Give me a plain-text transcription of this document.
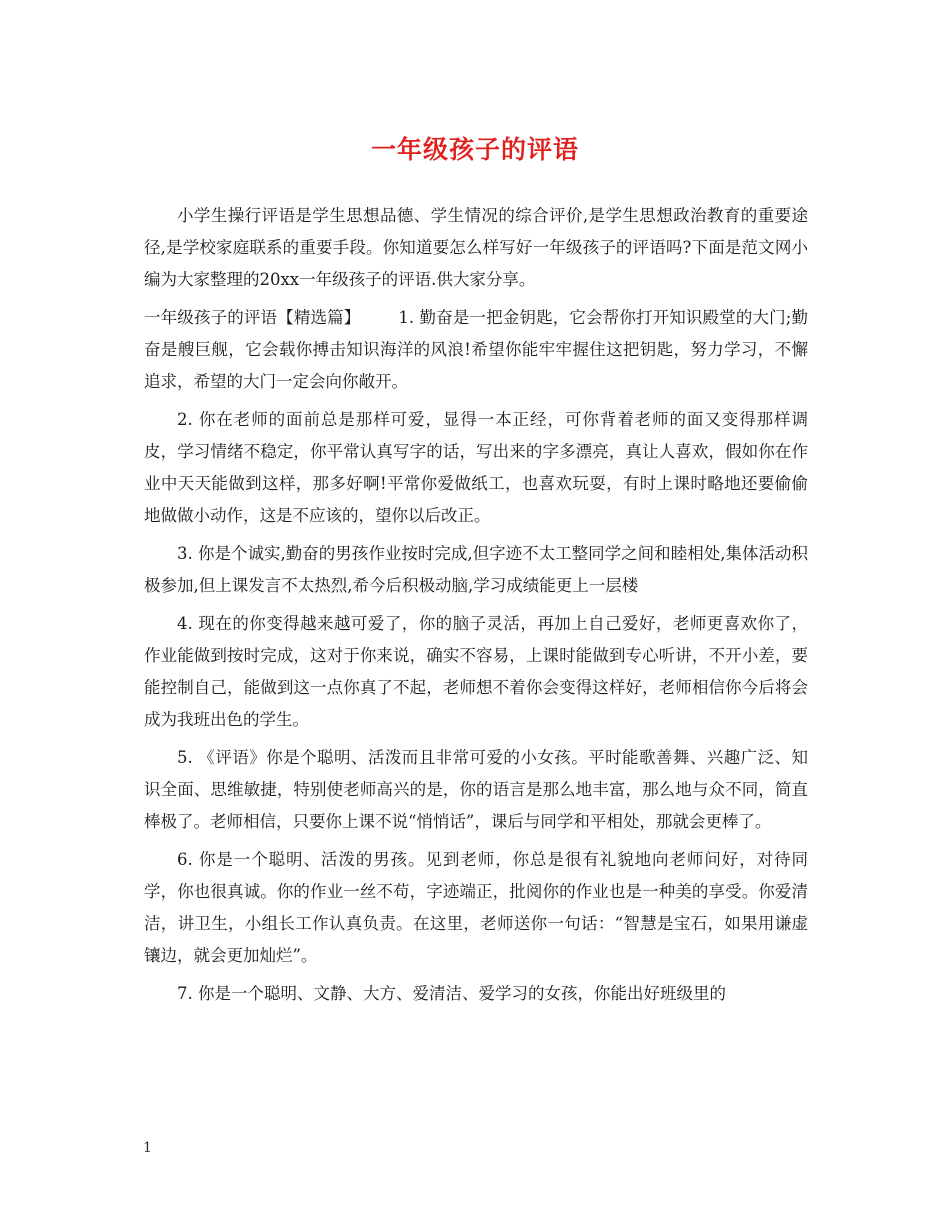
一年级孩子的评语

小学生操行评语是学生思想品德、学生情况的综合评价,是学生思想政治教育的重要途径,是学校家庭联系的重要手段。你知道要怎么样写好一年级孩子的评语吗?下面是范文网小编为大家整理的20xx一年级孩子的评语.供大家分享。

一年级孩子的评语【精选篇】 1. 勤奋是一把金钥匙，它会帮你打开知识殿堂的大门;勤奋是艘巨舰，它会载你搏击知识海洋的风浪!希望你能牢牢握住这把钥匙，努力学习，不懈追求，希望的大门一定会向你敞开。

2. 你在老师的面前总是那样可爱，显得一本正经，可你背着老师的面又变得那样调皮，学习情绪不稳定，你平常认真写字的话，写出来的字多漂亮，真让人喜欢，假如你在作业中天天能做到这样，那多好啊!平常你爱做纸工，也喜欢玩耍，有时上课时略地还要偷偷地做做小动作，这是不应该的，望你以后改正。

3. 你是个诚实,勤奋的男孩作业按时完成,但字迹不太工整同学之间和睦相处,集体活动积极参加,但上课发言不太热烈,希今后积极动脑,学习成绩能更上一层楼

4. 现在的你变得越来越可爱了，你的脑子灵活，再加上自己爱好，老师更喜欢你了，作业能做到按时完成，这对于你来说，确实不容易，上课时能做到专心听讲，不开小差，要能控制自己，能做到这一点你真了不起，老师想不着你会变得这样好，老师相信你今后将会成为我班出色的学生。

5. 《评语》你是个聪明、活泼而且非常可爱的小女孩。平时能歌善舞、兴趣广泛、知识全面、思维敏捷，特别使老师高兴的是，你的语言是那么地丰富，那么地与众不同，简直棒极了。老师相信，只要你上课不说“悄悄话”，课后与同学和平相处，那就会更棒了。

6. 你是一个聪明、活泼的男孩。见到老师，你总是很有礼貌地向老师问好，对待同学，你也很真诚。你的作业一丝不苟，字迹端正，批阅你的作业也是一种美的享受。你爱清洁，讲卫生，小组长工作认真负责。在这里，老师送你一句话：“智慧是宝石，如果用谦虚镶边，就会更加灿烂”。

7. 你是一个聪明、文静、大方、爱清洁、爱学习的女孩，你能出好班级里的

1
